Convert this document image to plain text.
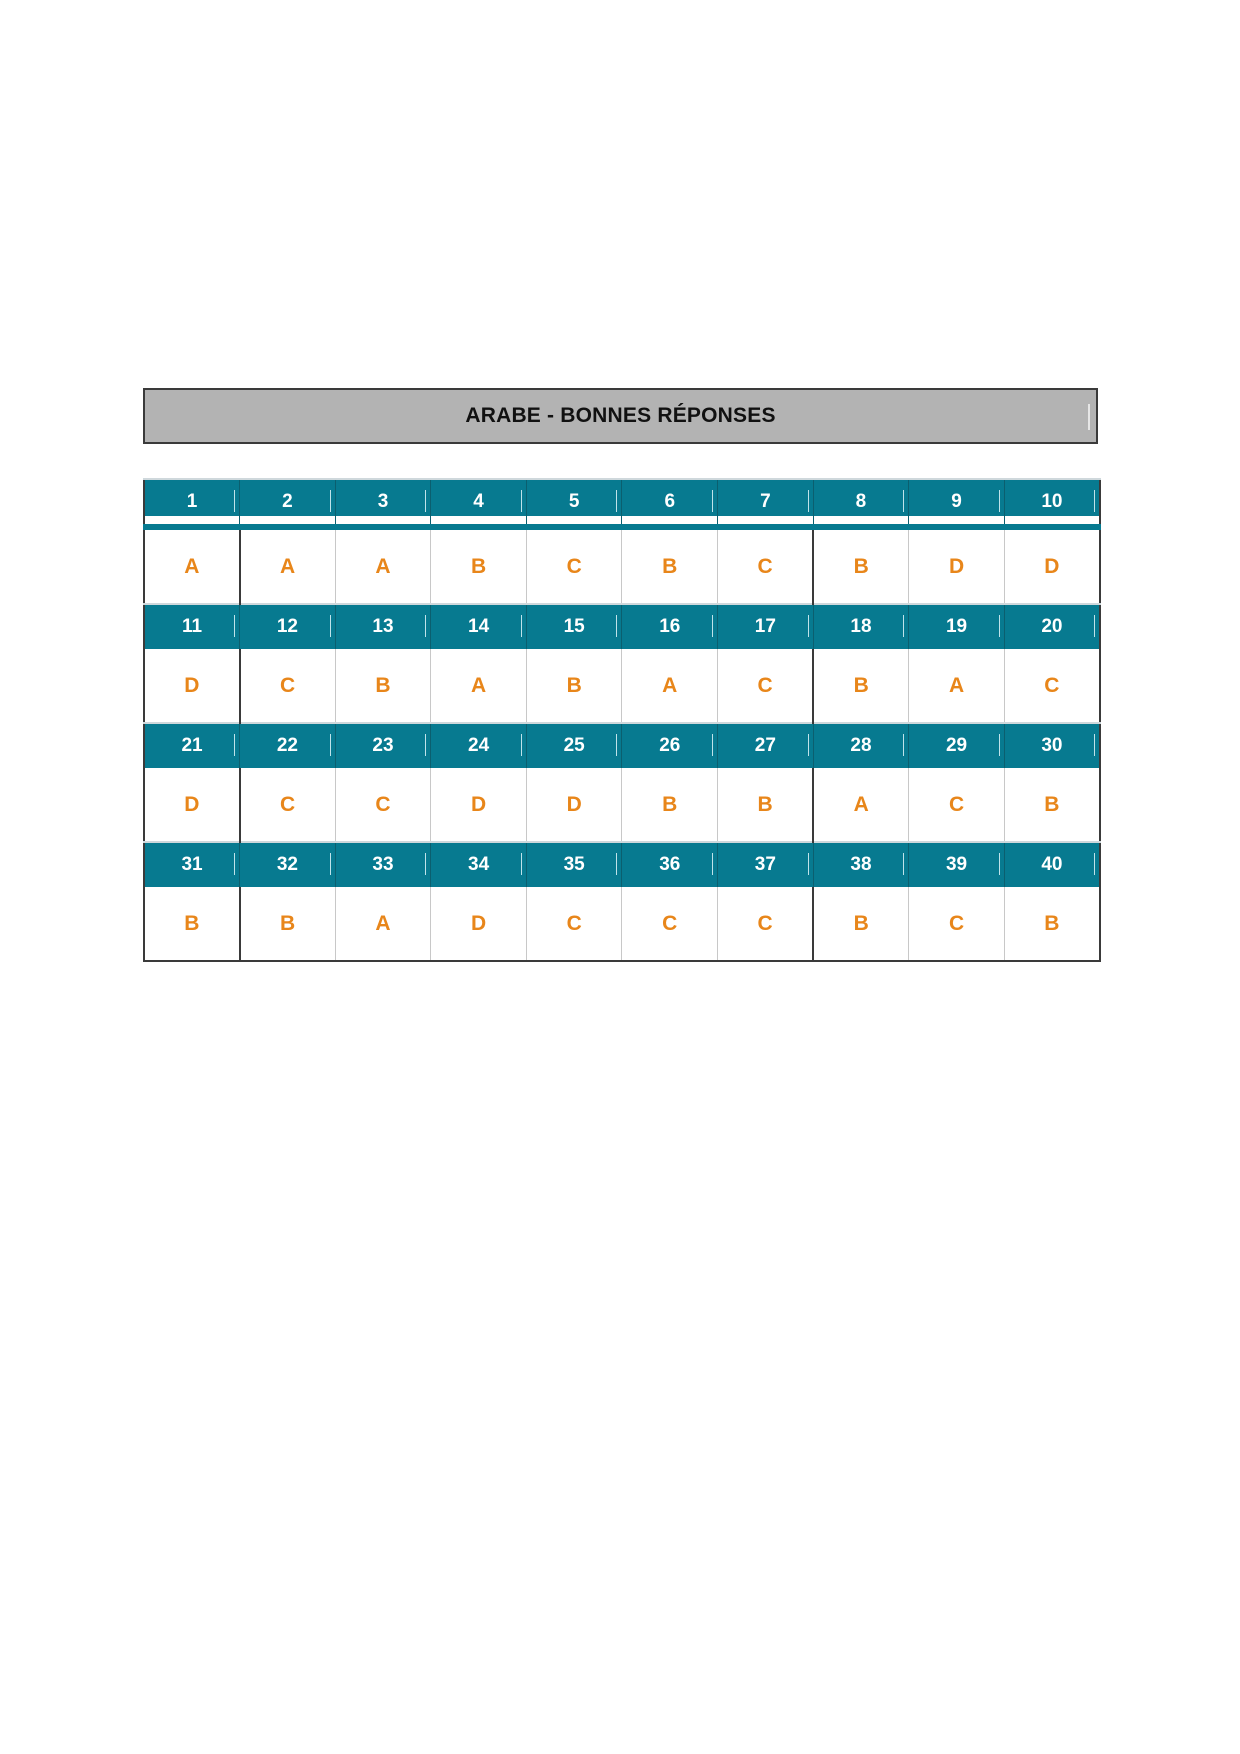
ARABE - BONNES RÉPONSES
1	2	3	4	5	6	7	8	9	10

A	A	A	B	C	B	C	B	D	D
11	12	13	14	15	16	17	18	19	20

D	C	B	A	B	A	C	B	A	C
21	22	23	24	25	26	27	28	29	30

D	C	C	D	D	B	B	A	C	B
31	32	33	34	35	36	37	38	39	40

B	B	A	D	C	C	C	B	C	B
